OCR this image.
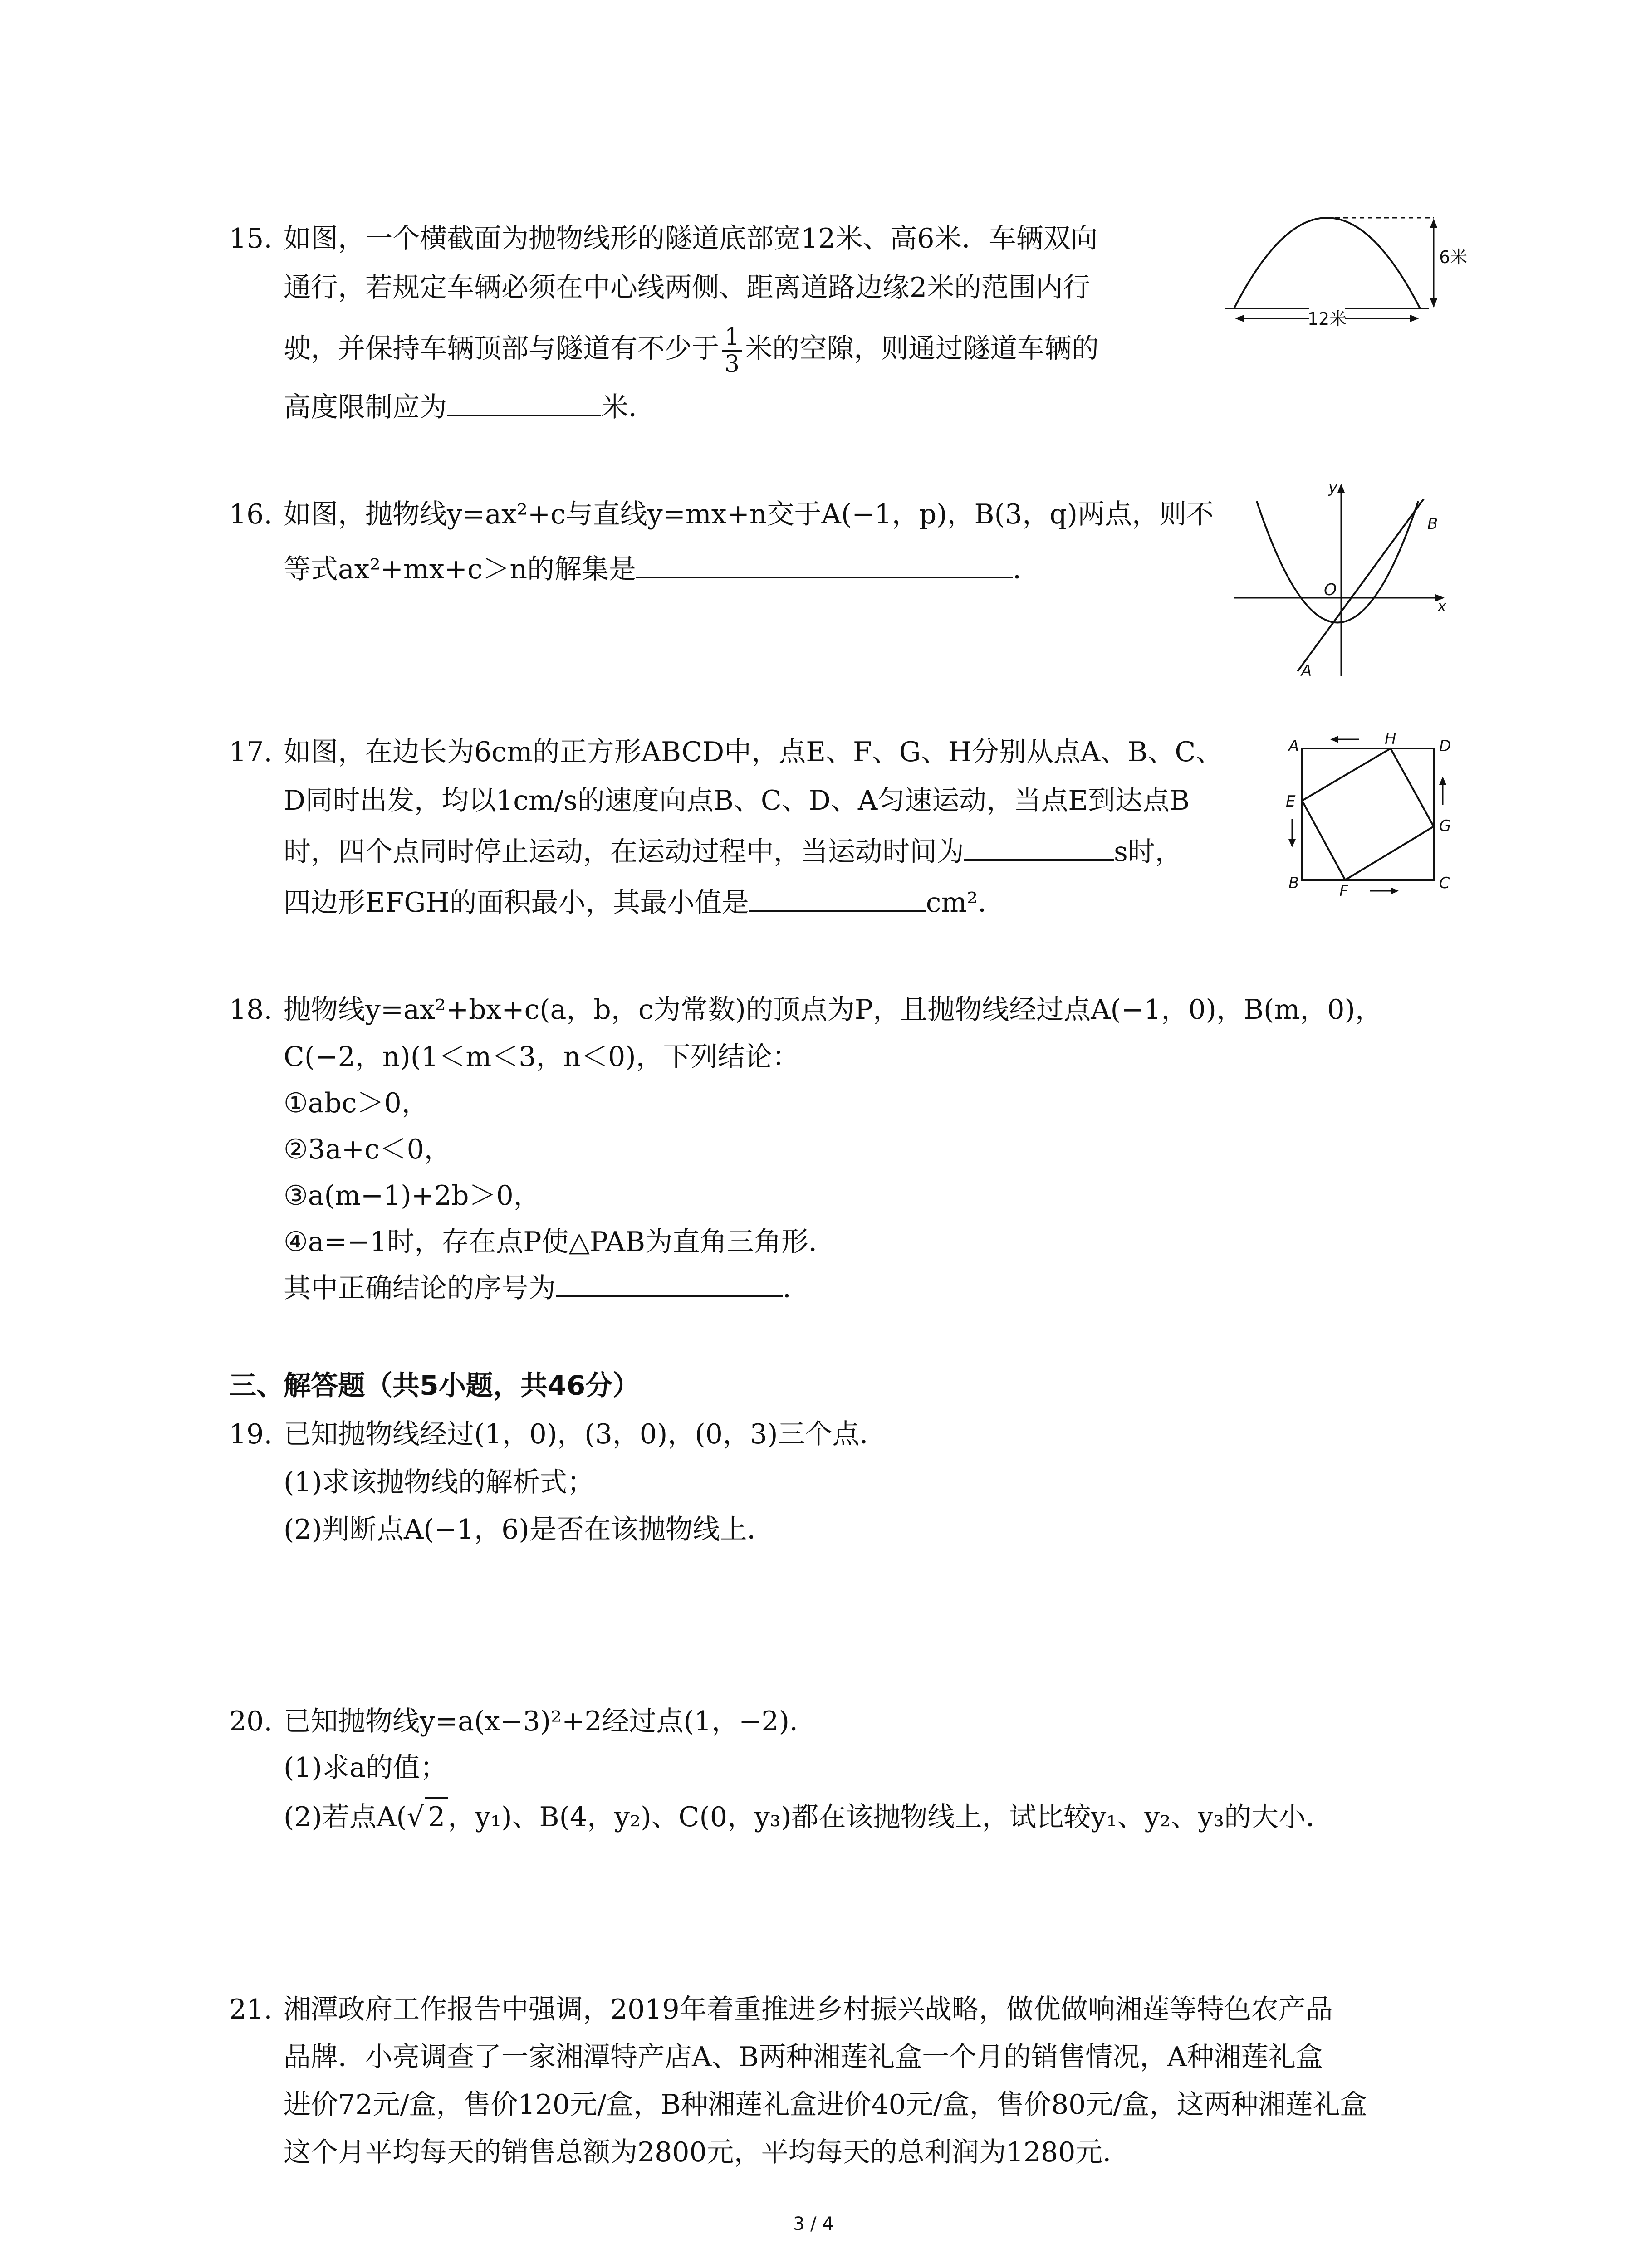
15. 如图，一个横截面为抛物线形的隧道底部宽12米、高6米．车辆双向
通行，若规定车辆必须在中心线两侧、距离道路边缘2米的范围内行
驶，并保持车辆顶部与隧道有不少于 $\frac{1}{3}$ 米的空隙，则通过隧道车辆的
高度限制应为	米．
6米
12米
16. 如图，抛物线y=ax²+c与直线y=mx+n交于A(−1，p)，B(3，q)两点，则不
等式ax²+mx+c＞n的解集是	．
x
y
O
A
B
17. 如图，在边长为6cm的正方形ABCD中，点E、F、G、H分别从点A、B、C、
D同时出发，均以1cm/s的速度向点B、C、D、A匀速运动，当点E到达点B
时，四个点同时停止运动，在运动过程中，当运动时间为	s时，
四边形EFGH的面积最小，其最小值是	cm²．
A
B	C
D
E
F
G
H
18. 抛物线y=ax²+bx+c(a，b，c为常数)的顶点为P，且抛物线经过点A(−1，0)，B(m，0)，
C(−2，n)(1＜m＜3，n＜0)，下列结论：
①abc＞0，
②3a+c＜0，
③a(m−1)+2b＞0，
④a=−1时，存在点P使△PAB为直角三角形．
其中正确结论的序号为	．
三、解答题（共5小题，共46分）
19. 已知抛物线经过(1，0)，(3，0)，(0，3)三个点．
(1)求该抛物线的解析式；
(2)判断点A(−1，6)是否在该抛物线上．
20. 已知抛物线y=a(x−3)²+2经过点(1，−2)．
(1)求a的值；
(2)若点A(√ 2 ，y₁)、B(4，y₂)、C(0，y₃)都在该抛物线上，试比较y₁、y₂、y₃的大小．
21. 湘潭政府工作报告中强调，2019年着重推进乡村振兴战略，做优做响湘莲等特色农产品
品牌．小亮调查了一家湘潭特产店A、B两种湘莲礼盒一个月的销售情况，A种湘莲礼盒
进价72元/盒，售价120元/盒，B种湘莲礼盒进价40元/盒，售价80元/盒，这两种湘莲礼盒
这个月平均每天的销售总额为2800元，平均每天的总利润为1280元．
3 / 4
